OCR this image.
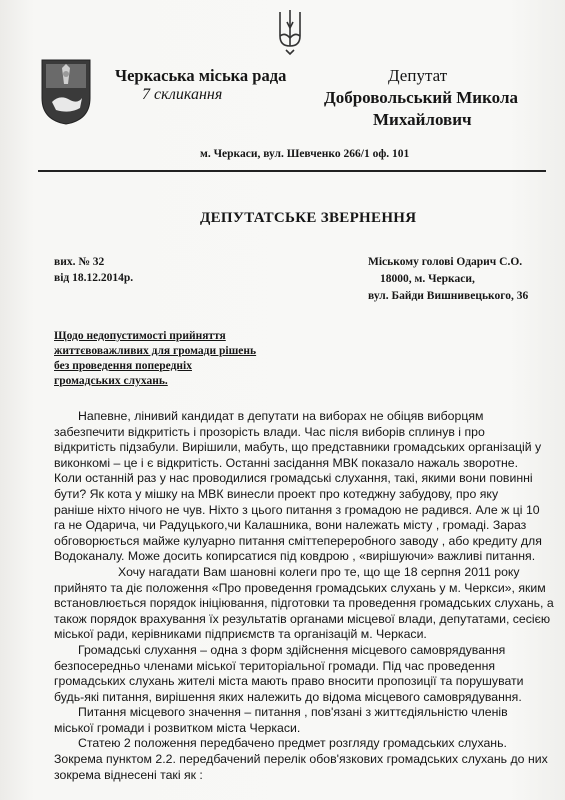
Черкаська міська рада
7 скликання
Депутат
Добровольський Микола
Михайлович
м. Черкаси, вул. Шевченко 266/1 оф. 101
ДЕПУТАТСЬКЕ ЗВЕРНЕННЯ
вих. № 32
від 18.12.2014р.
Міському голові Одарич С.О.
18000, м. Черкаси,
вул. Байди Вишнивецького, 36
Щодо недопустимості прийняття
життєвоважливих для громади рішень
без проведення попередніх
громадських слухань.

Напевне, лінивий кандидат в депутати на виборах не обіцяв виборцям

забезпечити відкритість і прозорість влади. Час після виборів сплинув і про

відкритість підзабули. Вирішили, мабуть, що представники громадських організацій у

виконкомі – це і є відкритість. Останні засідання МВК показало нажаль зворотне.

Коли останній раз у нас проводилися громадські слухання, такі, якими вони повинні

бути? Як кота у мішку на МВК винесли проект про котеджну забудову, про яку

раніше ніхто нічого не чув. Ніхто з цього питання з громадою не радився. Але ж ці 10

га не Одарича, чи Радуцького,чи Калашника, вони належать місту , громаді. Зараз

обговорюється майже кулуарно питання сміттепереробного заводу , або кредиту для

Водоканалу. Може досить копирсатися під ковдрою , «вирішуючи» важливі питання.

Хочу нагадати Вам шановні колеги про те, що ще 18 серпня 2011 року

прийнято та діє положення «Про проведення громадських слухань у м. Черкси», яким

встановлюється порядок ініціювання, підготовки та проведення громадських слухань, а

також порядок врахування їх результатів органами місцевої влади, депутатами, сесією

міської ради, керівниками підприємств та організацій м. Черкаси.

Громадські слухання – одна з форм здійснення місцевого самоврядування

безпосередньо членами міської територіальної громади. Під час проведення

громадських слухань жителі міста мають право вносити пропозиції та порушувати

будь-які питання, вирішення яких належить до відома місцевого самоврядування.

Питання місцевого значення – питання , пов'язані з життєдіяльністю членів

міської громади і розвитком міста Черкаси.

Статею 2 положення передбачено предмет розгляду громадських слухань.

Зокрема пунктом 2.2. передбачений перелік обов'язкових громадських слухань до них

зокрема віднесені такі як :
